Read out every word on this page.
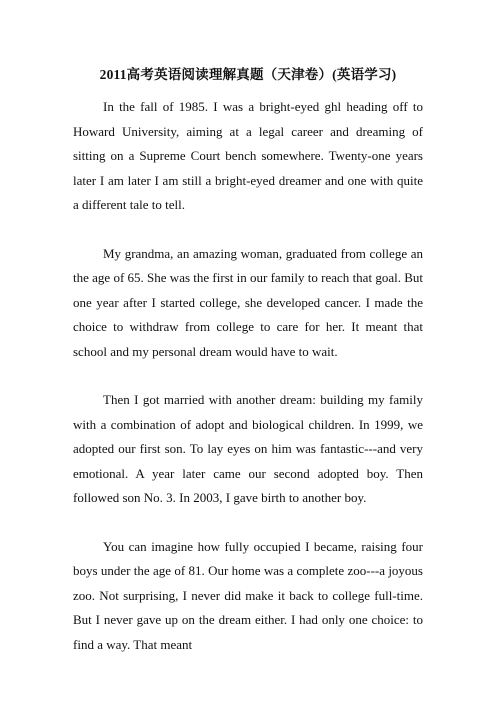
2011高考英语阅读理解真题（天津卷）(英语学习)

In the fall of 1985. I was a bright-eyed ghl heading off to Howard University, aiming at a legal career and dreaming of sitting on a Supreme Court bench somewhere. Twenty-one years later I am later I am still a bright-eyed dreamer and one with quite a different tale to tell.

My grandma, an amazing woman, graduated from college an the age of 65. She was the first in our family to reach that goal. But one year after I started college, she developed cancer. I made the choice to withdraw from college to care for her. It meant that school and my personal dream would have to wait.

Then I got married with another dream: building my family with a combination of adopt and biological children. In 1999, we adopted our first son. To lay eyes on him was fantastic---and very emotional. A year later came our second adopted boy. Then followed son No. 3. In 2003, I gave birth to another boy.

You can imagine how fully occupied I became, raising four boys under the age of 81. Our home was a complete zoo---a joyous zoo. Not surprising, I never did make it back to college full-time. But I never gave up on the dream either. I had only one choice: to find a way. That meant
